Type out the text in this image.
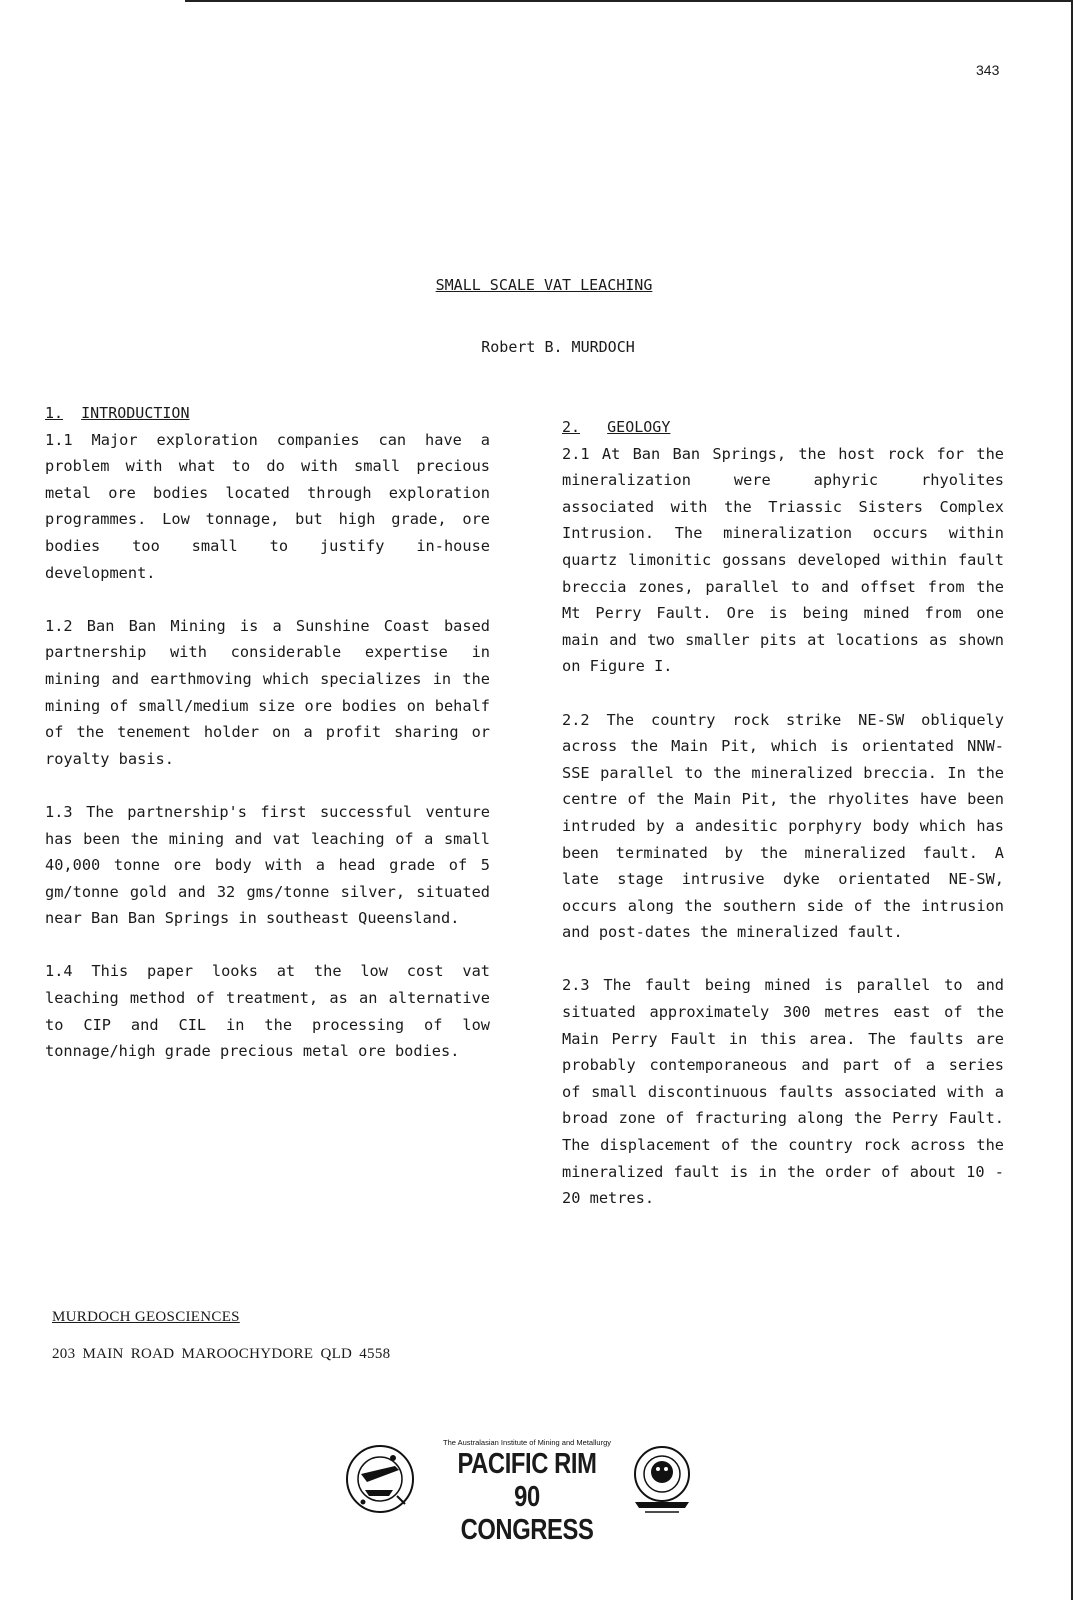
343
SMALL SCALE VAT LEACHING
Robert B. MURDOCH

1. INTRODUCTION

1.1 Major exploration companies can have a problem with what to do with small precious metal ore bodies located through exploration programmes. Low tonnage, but high grade, ore bodies too small to justify in-house development.

1.2 Ban Ban Mining is a Sunshine Coast based partnership with considerable expertise in mining and earthmoving which specializes in the mining of small/medium size ore bodies on behalf of the tenement holder on a profit sharing or royalty basis.

1.3 The partnership's first successful venture has been the mining and vat leaching of a small 40,000 tonne ore body with a head grade of 5 gm/tonne gold and 32 gms/tonne silver, situated near Ban Ban Springs in southeast Queensland.

1.4 This paper looks at the low cost vat leaching method of treatment, as an alternative to CIP and CIL in the processing of low tonnage/high grade precious metal ore bodies.

2. GEOLOGY

2.1 At Ban Ban Springs, the host rock for the mineralization were aphyric rhyolites associated with the Triassic Sisters Complex Intrusion. The mineralization occurs within quartz limonitic gossans developed within fault breccia zones, parallel to and offset from the Mt Perry Fault. Ore is being mined from one main and two smaller pits at locations as shown on Figure I.

2.2 The country rock strike NE-SW obliquely across the Main Pit, which is orientated NNW-SSE parallel to the mineralized breccia. In the centre of the Main Pit, the rhyolites have been intruded by a andesitic porphyry body which has been terminated by the mineralized fault. A late stage intrusive dyke orientated NE-SW, occurs along the southern side of the intrusion and post-dates the mineralized fault.

2.3 The fault being mined is parallel to and situated approximately 300 metres east of the Main Perry Fault in this area. The faults are probably contemporaneous and part of a series of small discontinuous faults associated with a broad zone of fracturing along the Perry Fault. The displacement of the country rock across the mineralized fault is in the order of about 10 - 20 metres.

MURDOCH GEOSCIENCES
203 MAIN ROAD MAROOCHYDORE QLD 4558
The Australasian Institute of Mining and Metallurgy
PACIFIC RIM 90
CONGRESS
